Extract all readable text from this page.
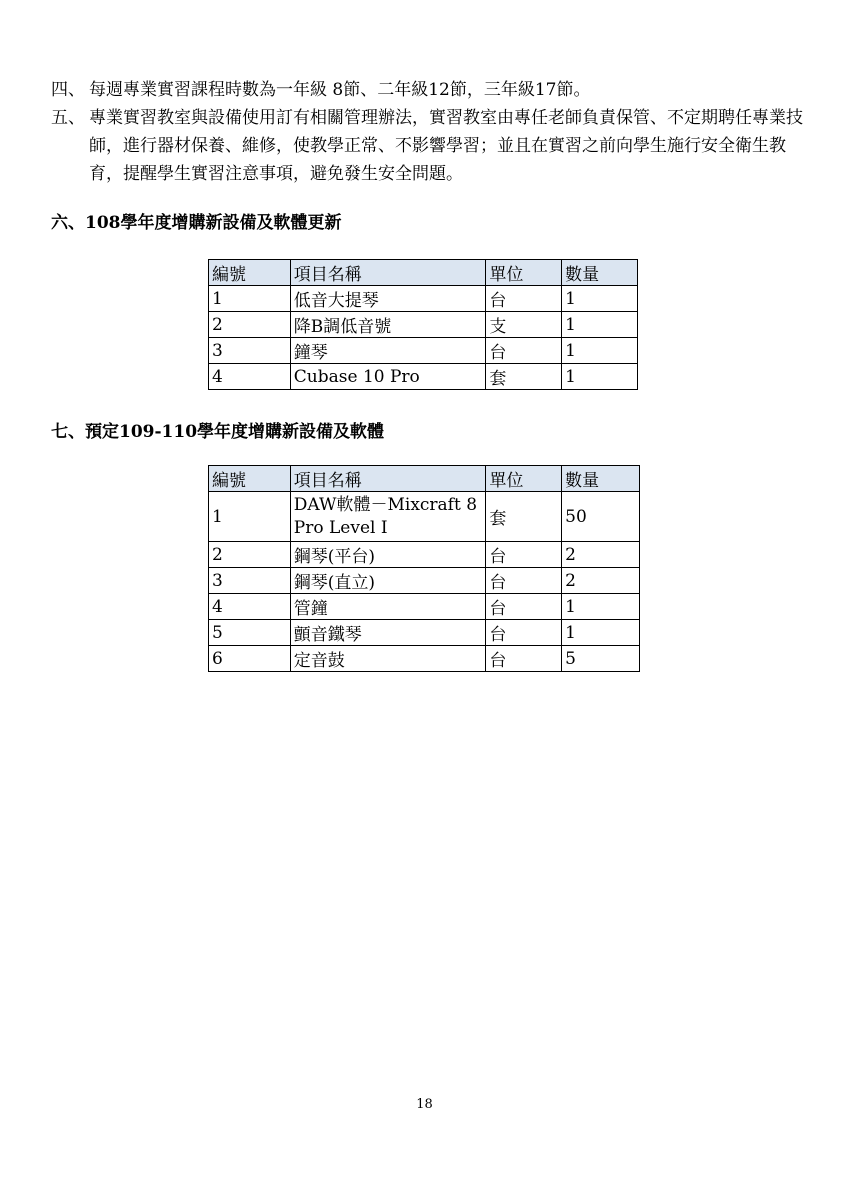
四、 每週專業實習課程時數為一年級 8節、二年級12節，三年級17節。
五、 專業實習教室與設備使用訂有相關管理辦法，實習教室由專任老師負責保管、不定期聘任專業技師，進行器材保養、維修，使教學正常、不影響學習；並且在實習之前向學生施行安全衛生教育，提醒學生實習注意事項，避免發生安全問題。
六、108學年度增購新設備及軟體更新
編號	項目名稱	單位	數量
1	低音大提琴	台	1
2	降B調低音號	支	1
3	鐘琴	台	1
4	Cubase 10 Pro	套	1
七、預定109-110學年度增購新設備及軟體
編號	項目名稱	單位	數量
1	DAW軟體－Mixcraft 8 Pro Level I	套	50
2	鋼琴(平台)	台	2
3	鋼琴(直立)	台	2
4	管鐘	台	1
5	顫音鐵琴	台	1
6	定音鼓	台	5
18
